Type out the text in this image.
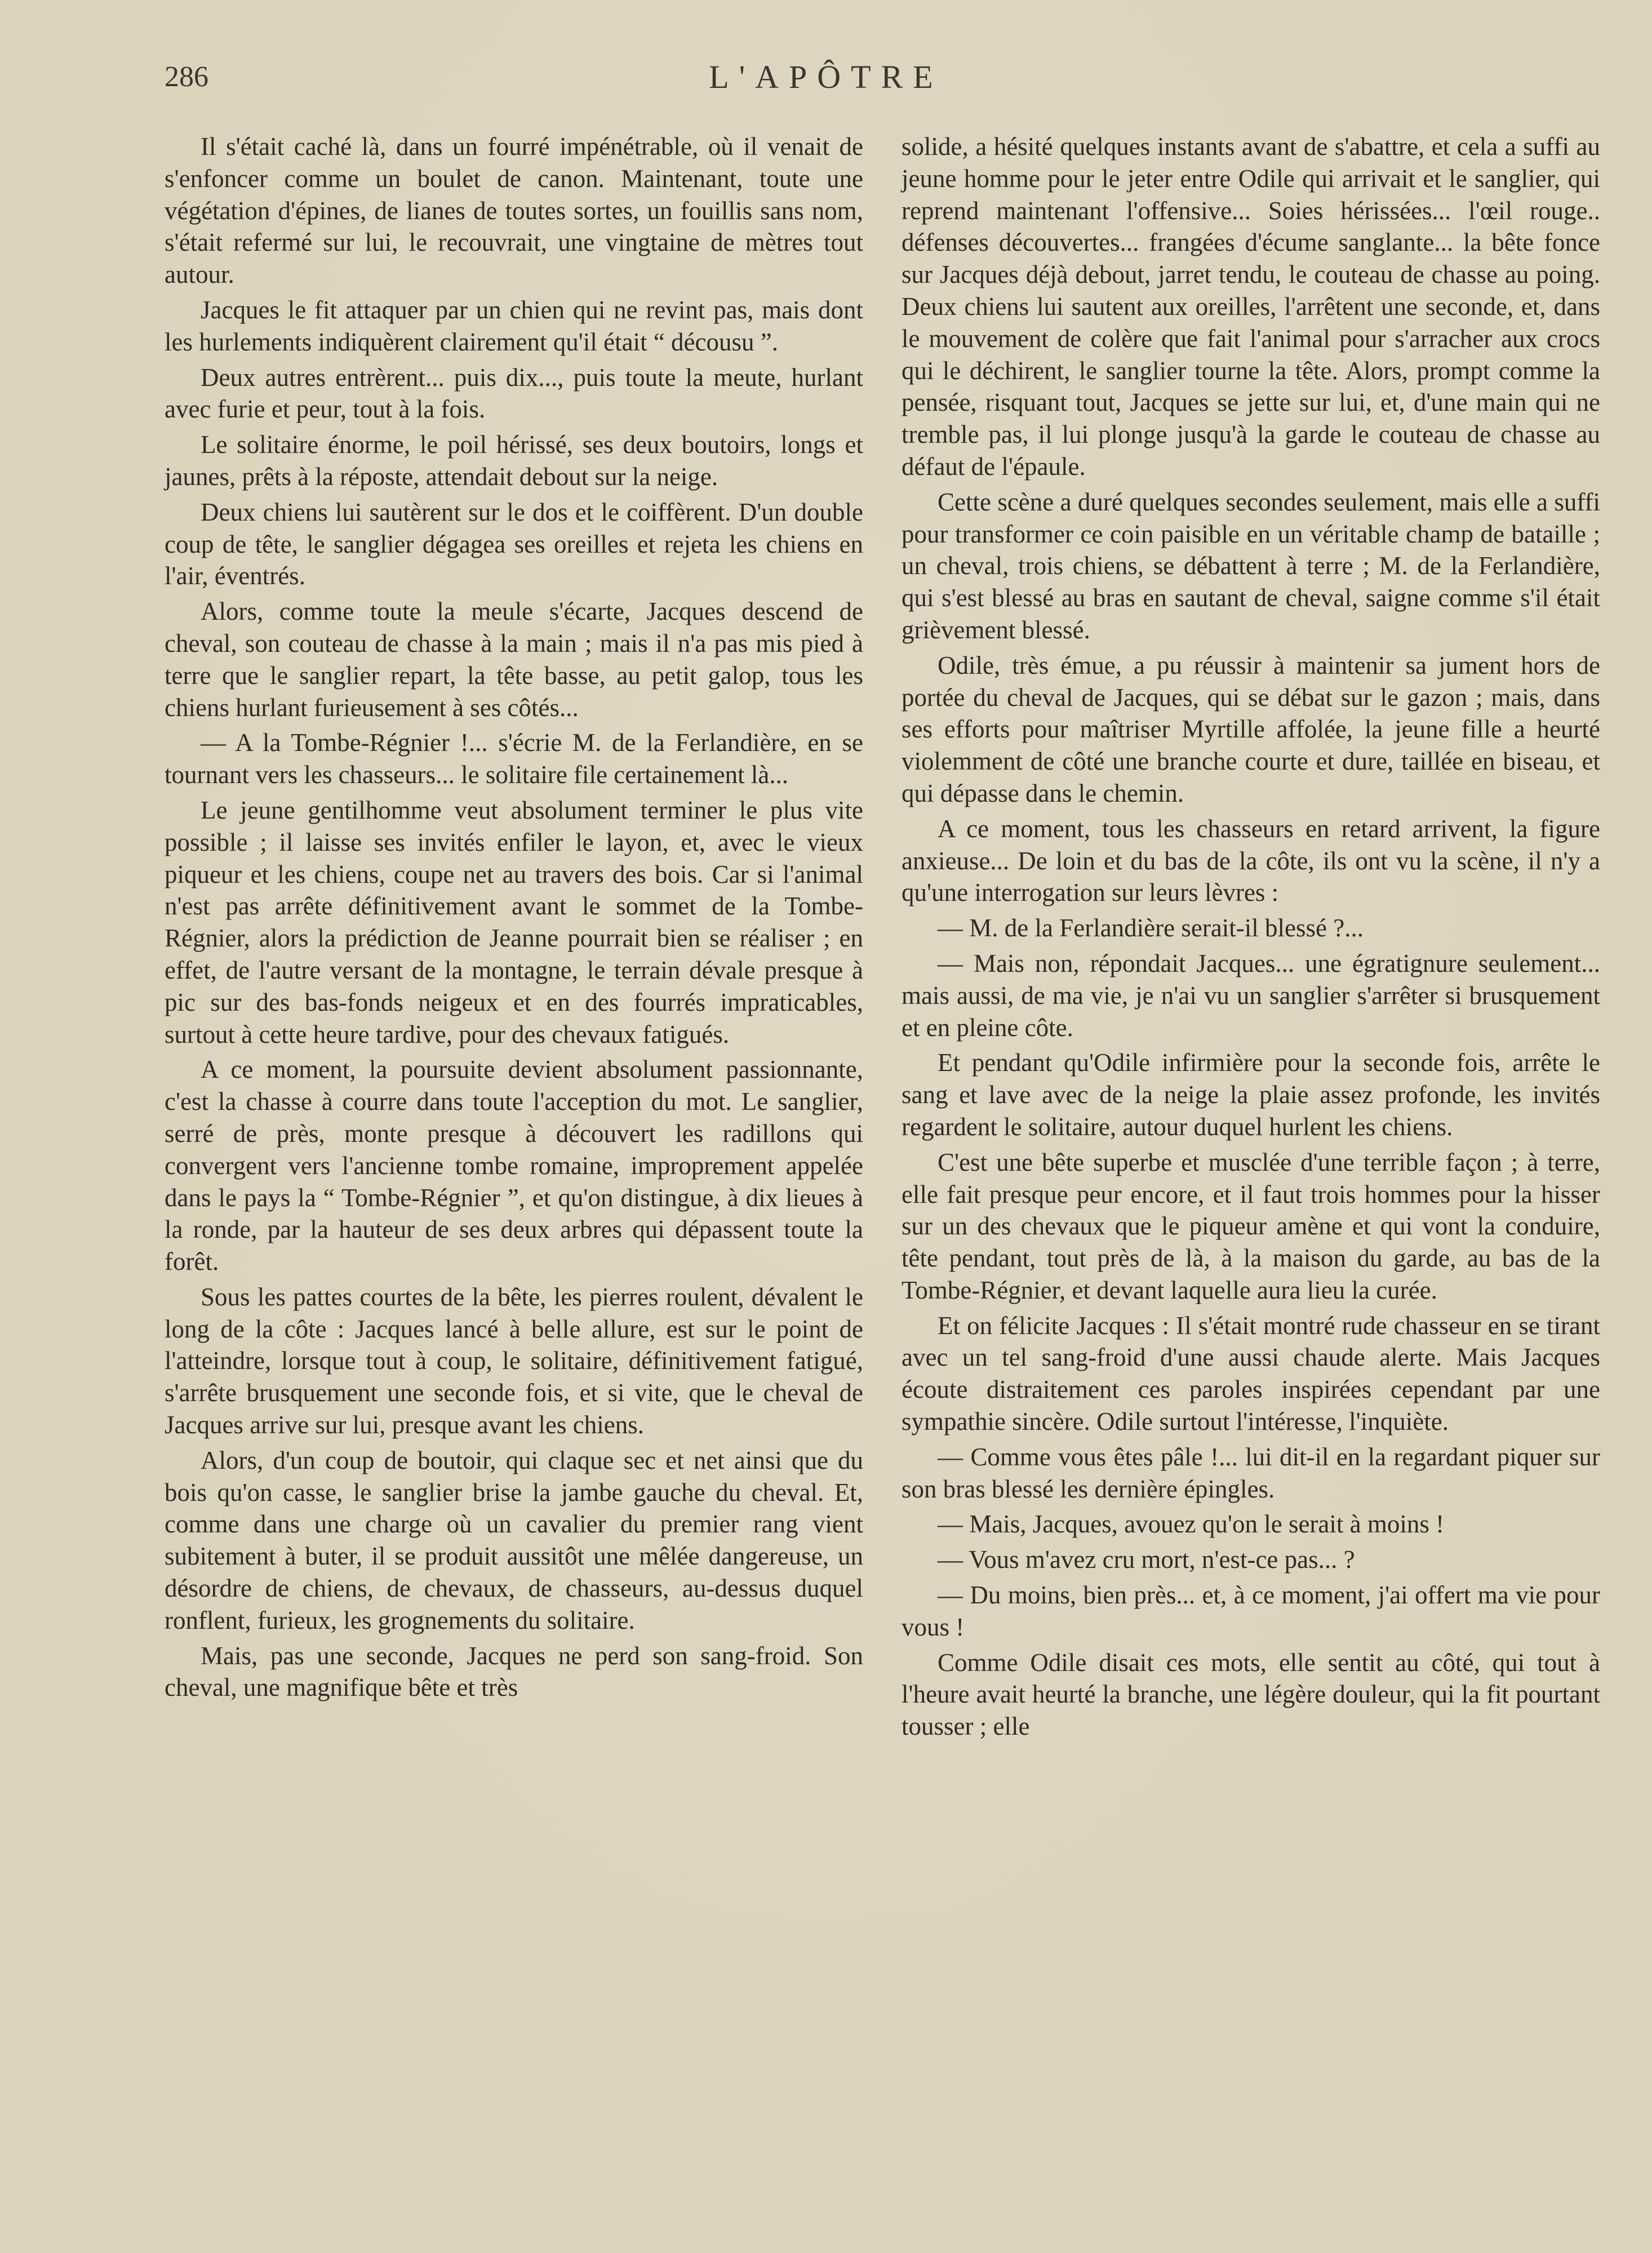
286	L'APÔTRE

Il s'était caché là, dans un fourré impénétrable, où il venait de s'enfoncer comme un boulet de canon. Maintenant, toute une végétation d'épines, de lianes de toutes sortes, un fouillis sans nom, s'était refermé sur lui, le recouvrait, une vingtaine de mètres tout autour.

Jacques le fit attaquer par un chien qui ne revint pas, mais dont les hurlements indiquèrent clairement qu'il était “ décousu ”.

Deux autres entrèrent... puis dix..., puis toute la meute, hurlant avec furie et peur, tout à la fois.

Le solitaire énorme, le poil hérissé, ses deux boutoirs, longs et jaunes, prêts à la réposte, attendait debout sur la neige.

Deux chiens lui sautèrent sur le dos et le coiffèrent. D'un double coup de tête, le sanglier dégagea ses oreilles et rejeta les chiens en l'air, éventrés.

Alors, comme toute la meule s'écarte, Jacques descend de cheval, son couteau de chasse à la main ; mais il n'a pas mis pied à terre que le sanglier repart, la tête basse, au petit galop, tous les chiens hurlant furieusement à ses côtés...

— A la Tombe-Régnier !... s'écrie M. de la Ferlandière, en se tournant vers les chasseurs... le solitaire file certainement là...

Le jeune gentilhomme veut absolument terminer le plus vite possible ; il laisse ses invités enfiler le layon, et, avec le vieux piqueur et les chiens, coupe net au travers des bois. Car si l'animal n'est pas arrête définitivement avant le sommet de la Tombe-Régnier, alors la prédiction de Jeanne pourrait bien se réaliser ; en effet, de l'autre versant de la montagne, le terrain dévale presque à pic sur des bas-fonds neigeux et en des fourrés impraticables, surtout à cette heure tardive, pour des chevaux fatigués.

A ce moment, la poursuite devient absolument passionnante, c'est la chasse à courre dans toute l'acception du mot. Le sanglier, serré de près, monte presque à découvert les radillons qui convergent vers l'ancienne tombe romaine, improprement appelée dans le pays la “ Tombe-Régnier ”, et qu'on distingue, à dix lieues à la ronde, par la hauteur de ses deux arbres qui dépassent toute la forêt.

Sous les pattes courtes de la bête, les pierres roulent, dévalent le long de la côte : Jacques lancé à belle allure, est sur le point de l'atteindre, lorsque tout à coup, le solitaire, définitivement fatigué, s'arrête brusquement une seconde fois, et si vite, que le cheval de Jacques arrive sur lui, presque avant les chiens.

Alors, d'un coup de boutoir, qui claque sec et net ainsi que du bois qu'on casse, le sanglier brise la jambe gauche du cheval. Et, comme dans une charge où un cavalier du premier rang vient subitement à buter, il se produit aussitôt une mêlée dangereuse, un désordre de chiens, de chevaux, de chasseurs, au-dessus duquel ronflent, furieux, les grognements du solitaire.

Mais, pas une seconde, Jacques ne perd son sang-froid. Son cheval, une magnifique bête et très

solide, a hésité quelques instants avant de s'abattre, et cela a suffi au jeune homme pour le jeter entre Odile qui arrivait et le sanglier, qui reprend maintenant l'offensive... Soies hérissées... l'œil rouge.. défenses découvertes... frangées d'écume sanglante... la bête fonce sur Jacques déjà debout, jarret tendu, le couteau de chasse au poing. Deux chiens lui sautent aux oreilles, l'arrêtent une seconde, et, dans le mouvement de colère que fait l'animal pour s'arracher aux crocs qui le déchirent, le sanglier tourne la tête. Alors, prompt comme la pensée, risquant tout, Jacques se jette sur lui, et, d'une main qui ne tremble pas, il lui plonge jusqu'à la garde le couteau de chasse au défaut de l'épaule.

Cette scène a duré quelques secondes seulement, mais elle a suffi pour transformer ce coin paisible en un véritable champ de bataille ; un cheval, trois chiens, se débattent à terre ; M. de la Ferlandière, qui s'est blessé au bras en sautant de cheval, saigne comme s'il était grièvement blessé.

Odile, très émue, a pu réussir à maintenir sa jument hors de portée du cheval de Jacques, qui se débat sur le gazon ; mais, dans ses efforts pour maîtriser Myrtille affolée, la jeune fille a heurté violemment de côté une branche courte et dure, taillée en biseau, et qui dépasse dans le chemin.

A ce moment, tous les chasseurs en retard arrivent, la figure anxieuse... De loin et du bas de la côte, ils ont vu la scène, il n'y a qu'une interrogation sur leurs lèvres :

— M. de la Ferlandière serait-il blessé ?...

— Mais non, répondait Jacques... une égratignure seulement... mais aussi, de ma vie, je n'ai vu un sanglier s'arrêter si brusquement et en pleine côte.

Et pendant qu'Odile infirmière pour la seconde fois, arrête le sang et lave avec de la neige la plaie assez profonde, les invités regardent le solitaire, autour duquel hurlent les chiens.

C'est une bête superbe et musclée d'une terrible façon ; à terre, elle fait presque peur encore, et il faut trois hommes pour la hisser sur un des chevaux que le piqueur amène et qui vont la conduire, tête pendant, tout près de là, à la maison du garde, au bas de la Tombe-Régnier, et devant laquelle aura lieu la curée.

Et on félicite Jacques : Il s'était montré rude chasseur en se tirant avec un tel sang-froid d'une aussi chaude alerte. Mais Jacques écoute distraitement ces paroles inspirées cependant par une sympathie sincère. Odile surtout l'intéresse, l'inquiète.

— Comme vous êtes pâle !... lui dit-il en la regardant piquer sur son bras blessé les dernière épingles.

— Mais, Jacques, avouez qu'on le serait à moins !

— Vous m'avez cru mort, n'est-ce pas... ?

— Du moins, bien près... et, à ce moment, j'ai offert ma vie pour vous !

Comme Odile disait ces mots, elle sentit au côté, qui tout à l'heure avait heurté la branche, une légère douleur, qui la fit pourtant tousser ; elle
